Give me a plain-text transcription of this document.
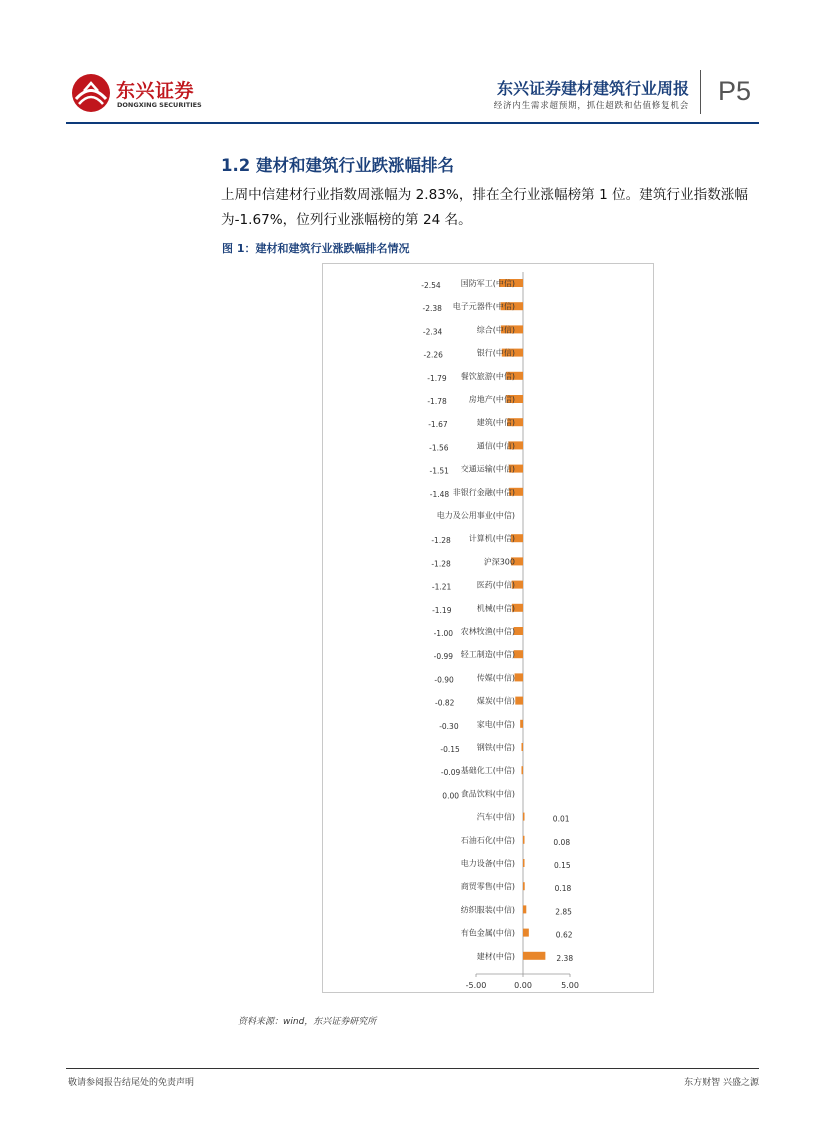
东兴证券
DONGXING SECURITIES
东兴证券建材建筑行业周报
经济内生需求超预期，抓住超跌和估值修复机会 P5
1.2 建材和建筑行业跌涨幅排名
上周中信建材行业指数周涨幅为 2.83%，排在全行业涨幅榜第 1 位。建筑行业指数涨幅为-1.67%，位列行业涨幅榜的第 24 名。
图 1：建材和建筑行业涨跌幅排名情况
国防军工(中信)
-2.54
电子元器件(中信)
-2.38
综合(中信)
-2.34
银行(中信)
-2.26
餐饮旅游(中信)
-1.79
房地产(中信)
-1.78
建筑(中信)
-1.67
通信(中信)
-1.56
交通运输(中信)
-1.51
非银行金融(中信)
-1.48
电力及公用事业(中信)
计算机(中信)
-1.28
沪深300
-1.28
医药(中信)
-1.21
机械(中信)
-1.19
农林牧渔(中信)
-1.00
轻工制造(中信)
-0.99
传媒(中信)
-0.90
煤炭(中信)
-0.82
家电(中信)
-0.30
钢铁(中信)
-0.15
基础化工(中信)
-0.09
食品饮料(中信)
0.00
汽车(中信)	0.01
石油石化(中信)	0.08
电力设备(中信)	0.15
商贸零售(中信)	0.18
纺织服装(中信)	2.85
有色金属(中信)	0.62
建材(中信)	2.38
-5.00	0.00	5.00
资料来源：wind，东兴证券研究所
敬请参阅报告结尾处的免责声明	东方财智 兴盛之源
